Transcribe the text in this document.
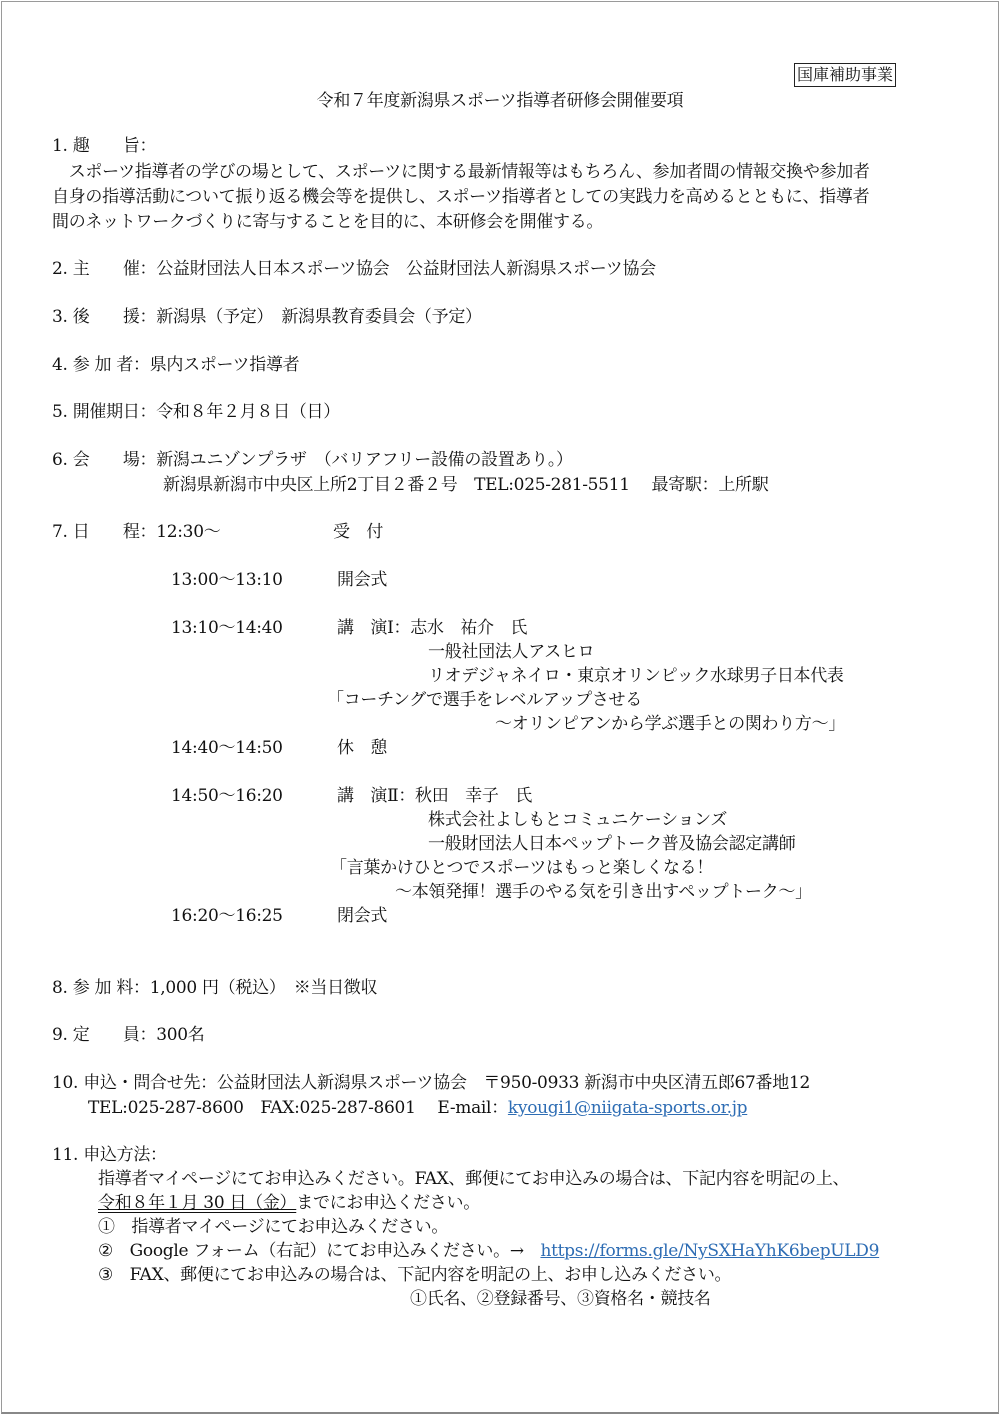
国庫補助事業
令和７年度新潟県スポーツ指導者研修会開催要項
1. 趣　　旨：
　スポーツ指導者の学びの場として、スポーツに関する最新情報等はもちろん、参加者間の情報交換や参加者
自身の指導活動について振り返る機会等を提供し、スポーツ指導者としての実践力を高めるとともに、指導者
間のネットワークづくりに寄与することを目的に、本研修会を開催する。
2. 主　　催：公益財団法人日本スポーツ協会　公益財団法人新潟県スポーツ協会
3. 後　　援：新潟県（予定）　新潟県教育委員会（予定）
4. 参 加 者：県内スポーツ指導者
5. 開催期日：令和８年２月８日（日）
6. 会　　場：新潟ユニゾンプラザ　（バリアフリー設備の設置あり。）
新潟県新潟市中央区上所2丁目２番２号　TEL:025-281-5511　 最寄駅：上所駅
7. 日　　程：12:30～	受　付
13:00～13:10	開会式
13:10～14:40	講　演Ⅰ：志水　祐介　氏
一般社団法人アスヒロ
リオデジャネイロ・東京オリンピック水球男子日本代表
「コーチングで選手をレベルアップさせる
～オリンピアンから学ぶ選手との関わり方～」
14:40～14:50	休　憩
14:50～16:20	講　演Ⅱ：秋田　幸子　氏
株式会社よしもとコミュニケーションズ
一般財団法人日本ペップトーク普及協会認定講師
「言葉かけひとつでスポーツはもっと楽しくなる！
～本領発揮！選手のやる気を引き出すペップトーク～」
16:20～16:25	閉会式
8. 参 加 料：1,000 円（税込）　※当日徴収
9. 定　　員：300名
10. 申込・問合せ先：公益財団法人新潟県スポーツ協会　〒950-0933 新潟市中央区清五郎67番地12
TEL:025-287-8600　FAX:025-287-8601　 E-mail：kyougi1@niigata-sports.or.jp
11. 申込方法：
指導者マイページにてお申込みください。FAX、郵便にてお申込みの場合は、下記内容を明記の上、
令和８年１月 30 日（金）までにお申込ください。
①　指導者マイページにてお申込みください。
②　Google フォーム（右記）にてお申込みください。→　https://forms.gle/NySXHaYhK6bepULD9
③　FAX、郵便にてお申込みの場合は、下記内容を明記の上、お申し込みください。
①氏名、②登録番号、③資格名・競技名
